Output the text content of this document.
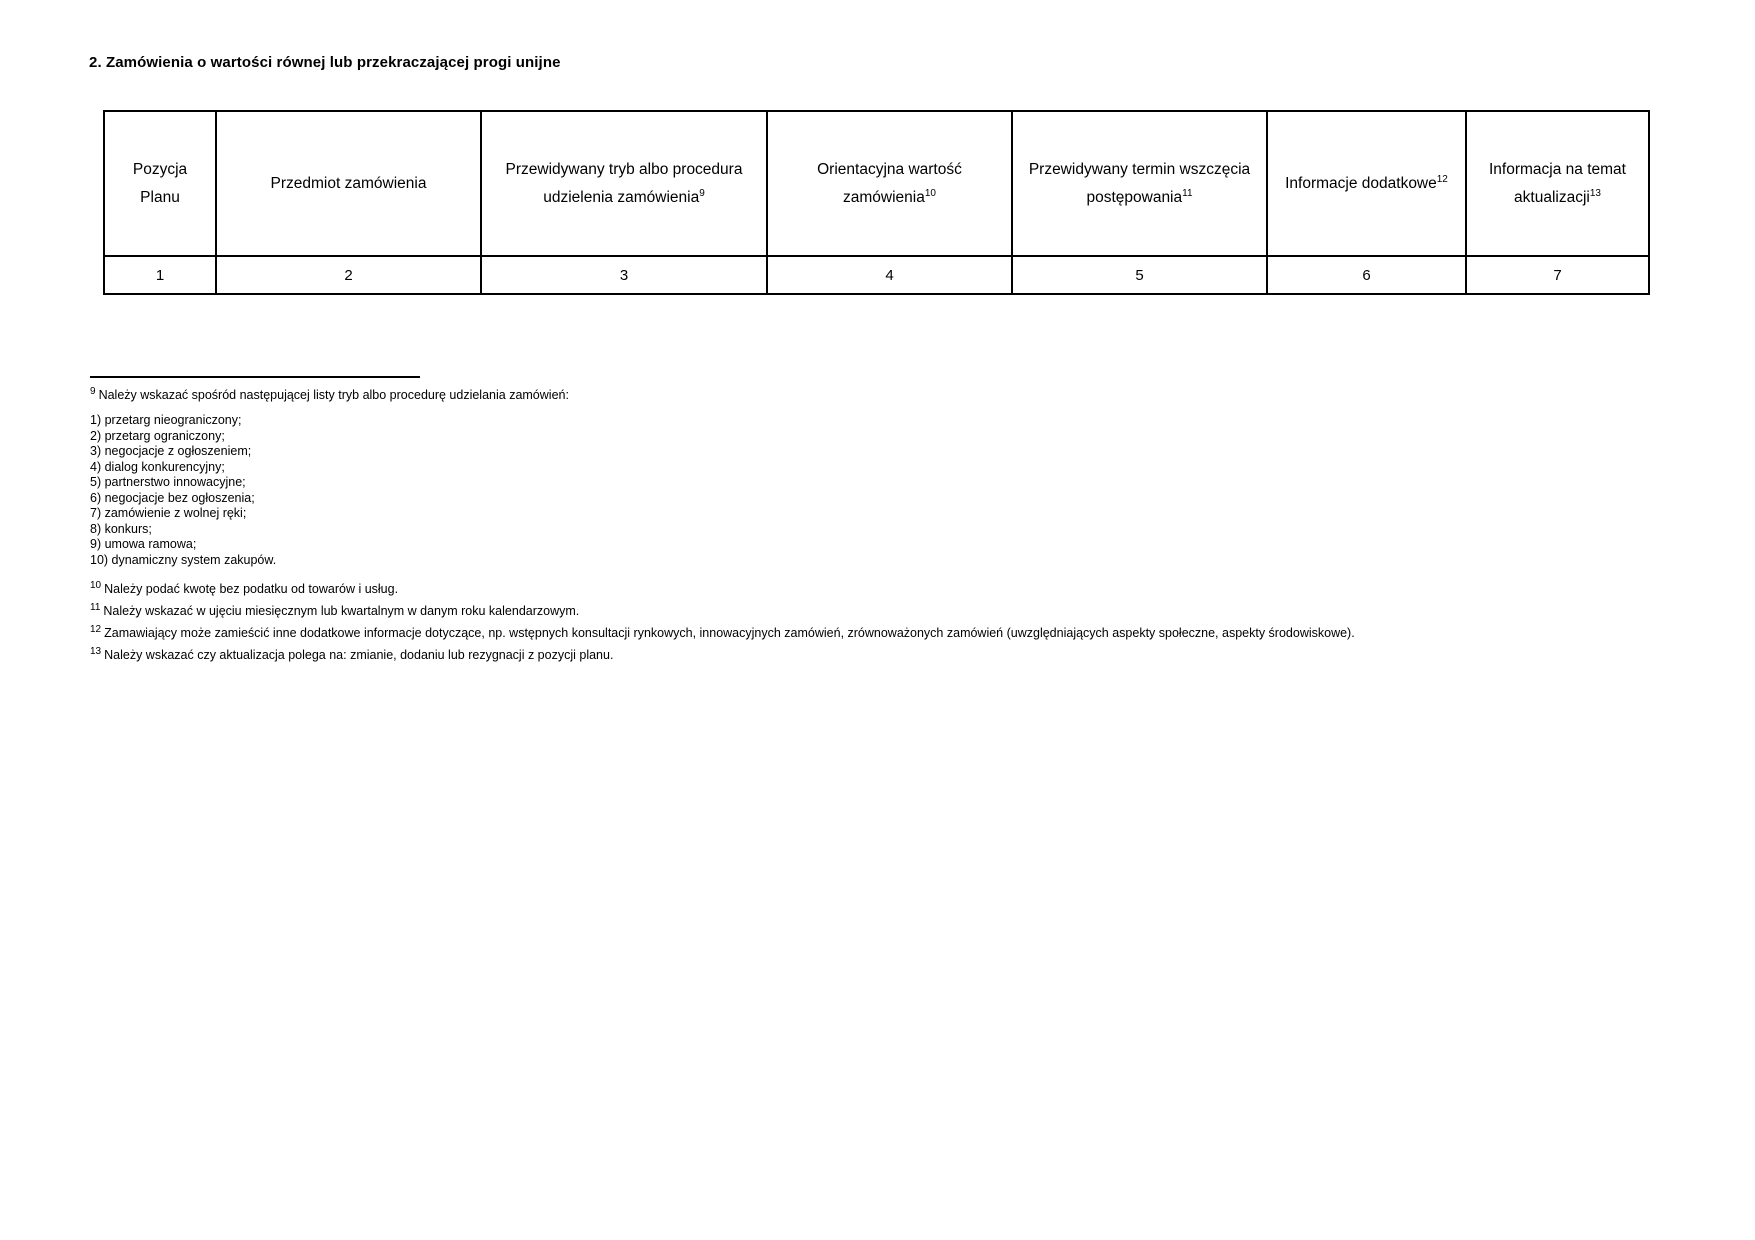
2. Zamówienia o wartości równej lub przekraczającej progi unijne
Pozycja Planu	Przedmiot zamówienia	Przewidywany tryb albo procedura udzielenia zamówienia$^9$	Orientacyjna wartość zamówienia$^{10}$	Przewidywany termin wszczęcia postępowania$^{11}$	Informacje dodatkowe$^{12}$	Informacja na temat aktualizacji$^{13}$
1	2	3	4	5	6	7
$^9$ Należy wskazać spośród następującej listy tryb albo procedurę udzielania zamówień:
1) przetarg nieograniczony;
2) przetarg ograniczony;
3) negocjacje z ogłoszeniem;
4) dialog konkurencyjny;
5) partnerstwo innowacyjne;
6) negocjacje bez ogłoszenia;
7) zamówienie z wolnej ręki;
8) konkurs;
9) umowa ramowa;
10) dynamiczny system zakupów.
$^{10}$ Należy podać kwotę bez podatku od towarów i usług.
$^{11}$ Należy wskazać w ujęciu miesięcznym lub kwartalnym w danym roku kalendarzowym.
$^{12}$ Zamawiający może zamieścić inne dodatkowe informacje dotyczące, np. wstępnych konsultacji rynkowych, innowacyjnych zamówień, zrównoważonych zamówień (uwzględniających aspekty społeczne, aspekty środowiskowe).
$^{13}$ Należy wskazać czy aktualizacja polega na: zmianie, dodaniu lub rezygnacji z pozycji planu.
